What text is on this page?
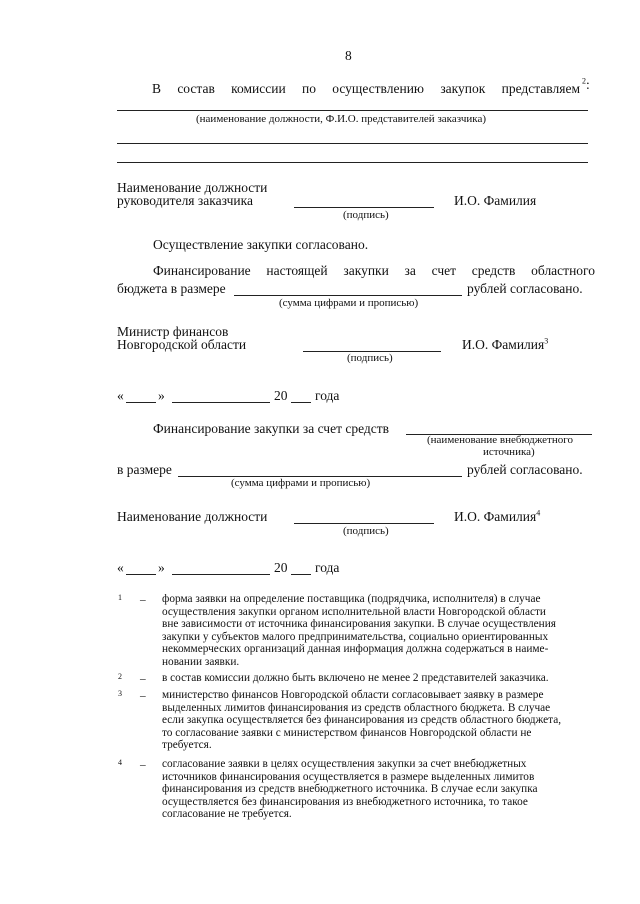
8
В состав комиссии по осуществлению закупок представляем $^2$:
(наименование должности, Ф.И.О. представителей заказчика)
Наименование должности
руководителя заказчика
(подпись)
И.О. Фамилия
Осуществление закупки согласовано.
Финансирование настоящей закупки за счет средств областного
бюджета в размере	рублей согласовано.
(сумма цифрами и прописью)
Министр финансов
Новгородской области
(подпись)
И.О. Фамилия$^3$
«	»	20 года
Финансирование закупки за счет средств
(наименование внебюджетного
источника)
в размере	рублей согласовано.
(сумма цифрами и прописью)
Наименование должности
(подпись)
И.О. Фамилия$^4$
«	»	20 года
1 – форма заявки на определение поставщика (подрядчика, исполнителя) в случае
осуществления закупки органом исполнительной власти Новгородской области
вне зависимости от источника финансирования закупки. В случае осуществления
закупки у субъектов малого предпринимательства, социально ориентированных
некоммерческих организаций данная информация должна содержаться в наиме-
новании заявки.
2 – в состав комиссии должно быть включено не менее 2 представителей заказчика.
3 – министерство финансов Новгородской области согласовывает заявку в размере
выделенных лимитов финансирования из средств областного бюджета. В случае
если закупка осуществляется без финансирования из средств областного бюджета,
то согласование заявки с министерством финансов Новгородской области не
требуется.
4 – согласование заявки в целях осуществления закупки за счет внебюджетных
источников финансирования осуществляется в размере выделенных лимитов
финансирования из средств внебюджетного источника. В случае если закупка
осуществляется без финансирования из внебюджетного источника, то такое
согласование не требуется.
